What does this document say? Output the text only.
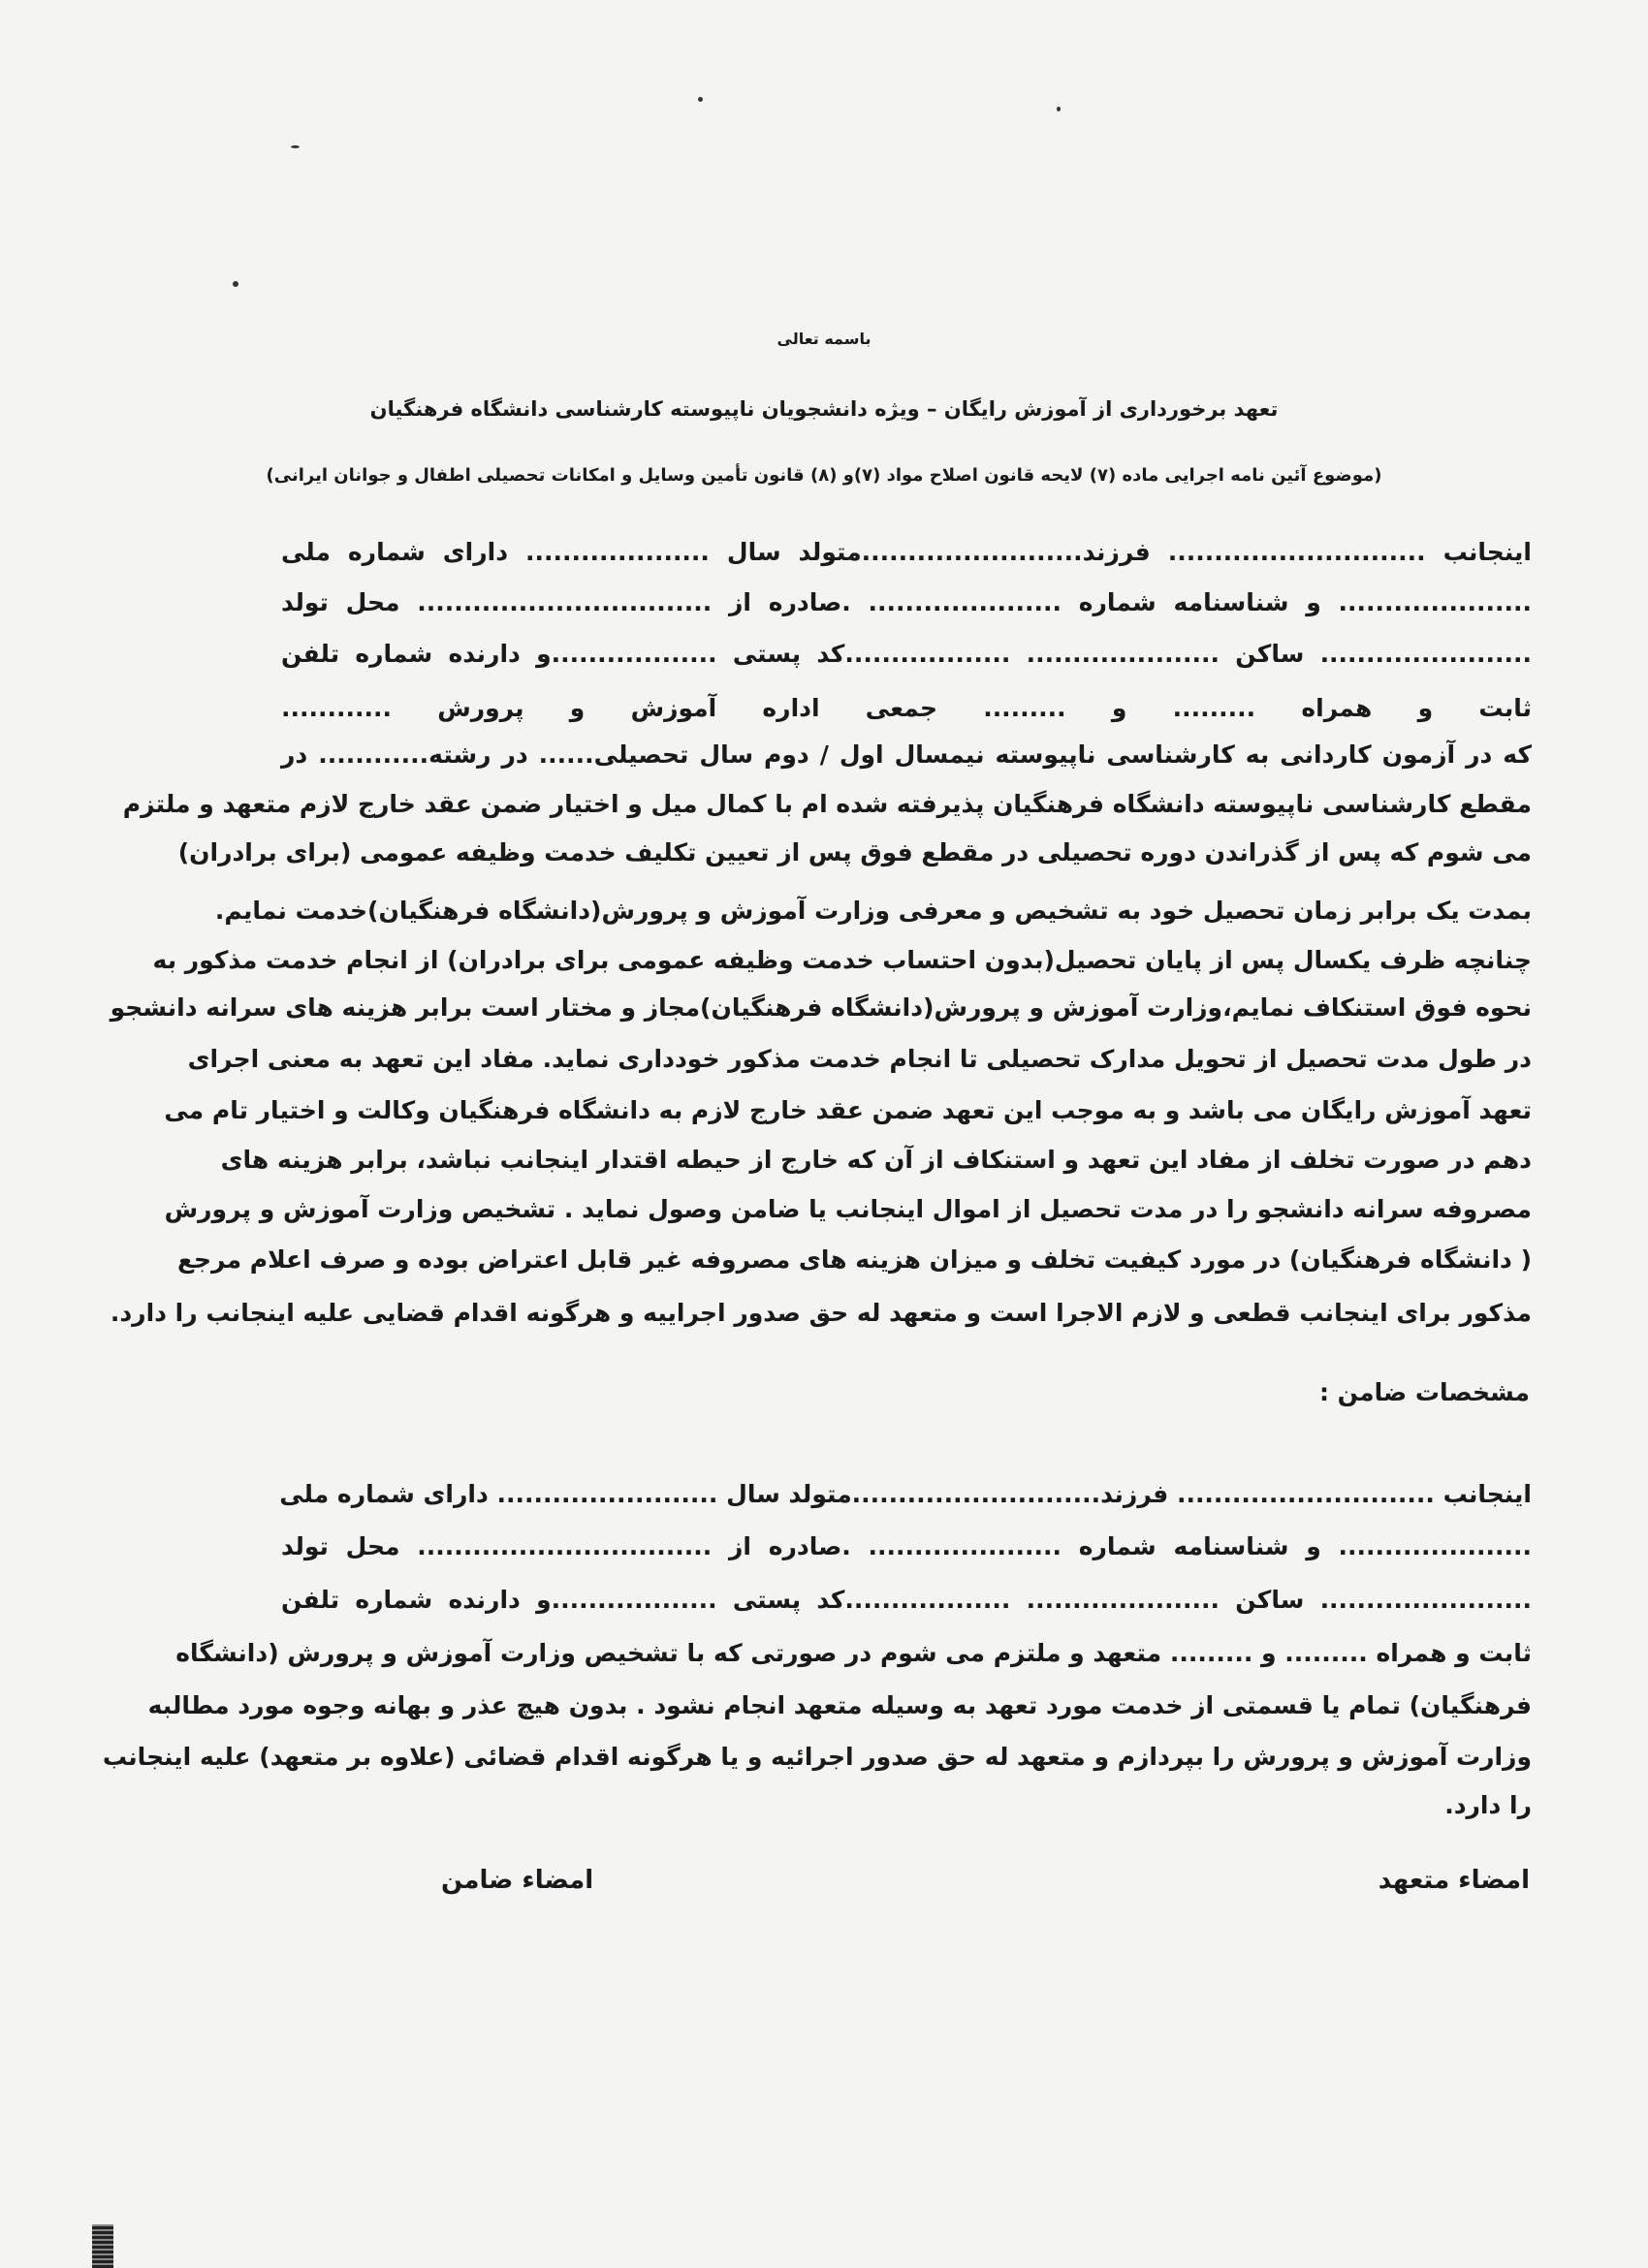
باسمه تعالی
تعهد برخورداری از آموزش رایگان – ویژه دانشجویان ناپیوسته کارشناسی دانشگاه فرهنگیان
(موضوع آئین نامه اجرایی ماده (۷) لایحه قانون اصلاح مواد (۷)و (۸) قانون تأمین وسایل و امکانات تحصیلی اطفال و جوانان ایرانی)
اینجانب ............................ فرزند........................متولد سال .................... دارای شماره ملی
..................... و شناسنامه شماره ..................... .صادره از ................................ محل تولد
....................... ساکن ..................... ..................کد پستی ..................و دارنده شماره تلفن
ثابت و همراه ......... و ......... جمعی اداره آموزش و پرورش ............
که در آزمون کاردانی به کارشناسی ناپیوسته نیمسال اول / دوم سال تحصیلی...... در رشته............ در
مقطع کارشناسی ناپیوسته دانشگاه فرهنگیان پذیرفته شده ام با کمال میل و اختیار ضمن عقد خارج لازم متعهد و ملتزم
می شوم که پس از گذراندن دوره تحصیلی در مقطع فوق پس از تعیین تکلیف خدمت وظیفه عمومی (برای برادران)
بمدت یک برابر زمان تحصیل خود به تشخیص و معرفی وزارت آموزش و پرورش(دانشگاه فرهنگیان)خدمت نمایم.
چنانچه ظرف یکسال پس از پایان تحصیل(بدون احتساب خدمت وظیفه عمومی برای برادران) از انجام خدمت مذکور به
نحوه فوق استنکاف نمایم،وزارت آموزش و پرورش(دانشگاه فرهنگیان)مجاز و مختار است برابر هزینه های سرانه دانشجو
در طول مدت تحصیل از تحویل مدارک تحصیلی تا انجام خدمت مذکور خودداری نماید. مفاد این تعهد به معنی اجرای
تعهد آموزش رایگان می باشد و به موجب این تعهد ضمن عقد خارج لازم به دانشگاه فرهنگیان وکالت و اختیار تام می
دهم در صورت تخلف از مفاد این تعهد و استنکاف از آن که خارج از حیطه اقتدار اینجانب نباشد، برابر هزینه های
مصروفه سرانه دانشجو را در مدت تحصیل از اموال اینجانب یا ضامن وصول نماید . تشخیص وزارت آموزش و پرورش
( دانشگاه فرهنگیان) در مورد کیفیت تخلف و میزان هزینه های مصروفه غیر قابل اعتراض بوده و صرف اعلام مرجع
مذکور برای اینجانب قطعی و لازم الاجرا است و متعهد له حق صدور اجراییه و هرگونه اقدام قضایی علیه اینجانب را دارد.
مشخصات ضامن :
اینجانب ............................ فرزند...........................متولد سال ........................ دارای شماره ملی
..................... و شناسنامه شماره ..................... .صادره از ................................ محل تولد
....................... ساکن ..................... ..................کد پستی ..................و دارنده شماره تلفن
ثابت و همراه ......... و ......... متعهد و ملتزم می شوم در صورتی که با تشخیص وزارت آموزش و پرورش (دانشگاه
فرهنگیان) تمام یا قسمتی از خدمت مورد تعهد به وسیله متعهد انجام نشود . بدون هیچ عذر و بهانه وجوه مورد مطالبه
وزارت آموزش و پرورش را بپردازم و متعهد له حق صدور اجرائیه و یا هرگونه اقدام قضائی (علاوه بر متعهد) علیه اینجانب
را دارد.
امضاء متعهد
امضاء ضامن
